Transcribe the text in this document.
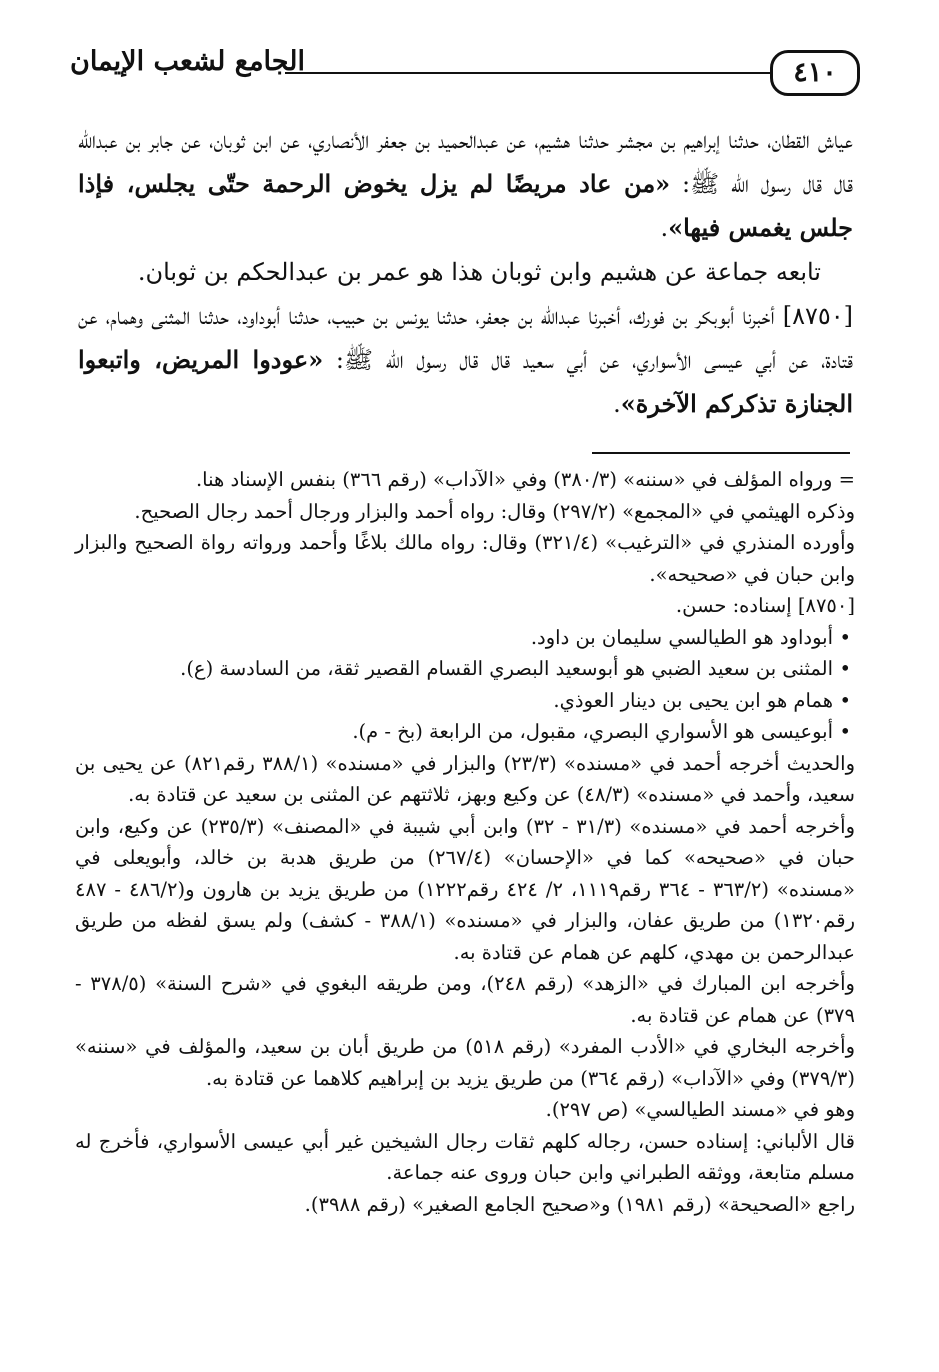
الجامع لشعب الإيمان	٤١٠

عياش القطان، حدثنا إبراهيم بن مجشر حدثنا هشيم، عن عبدالحميد بن جعفر الأنصاري، عن ابن ثوبان، عن جابر بن عبدالله قال قال رسول الله ﷺ: «من عاد مريضًا لم يزل يخوض الرحمة حتّى يجلس، فإذا جلس يغمس فيها».

تابعه جماعة عن هشيم وابن ثوبان هذا هو عمر بن عبدالحكم بن ثوبان.

[٨٧٥٠] أخبرنا أبوبكر بن فورك، أخبرنا عبدالله بن جعفر، حدثنا يونس بن حبيب، حدثنا أبوداود، حدثنا المثنى وهمام، عن قتادة، عن أبي عيسى الأسواري، عن أبي سعيد قال قال رسول الله ﷺ: «عودوا المريض، واتبعوا الجنازة تذكركم الآخرة».

= ورواه المؤلف في «سننه» (٣٨٠/٣) وفي «الآداب» (رقم ٣٦٦) بنفس الإسناد هنا.

وذكره الهيثمي في «المجمع» (٢٩٧/٢) وقال: رواه أحمد والبزار ورجال أحمد رجال الصحيح.

وأورده المنذري في «الترغيب» (٣٢١/٤) وقال: رواه مالك بلاغًا وأحمد ورواته رواة الصحيح والبزار وابن حبان في «صحيحه».

[٨٧٥٠] إسناده: حسن.

• أبوداود هو الطيالسي سليمان بن داود.

• المثنى بن سعيد الضبي هو أبوسعيد البصري القسام القصير ثقة، من السادسة (ع).

• همام هو ابن يحيى بن دينار العوذي.

• أبوعيسى هو الأسواري البصري، مقبول، من الرابعة (بخ - م).

والحديث أخرجه أحمد في «مسنده» (٢٣/٣) والبزار في «مسنده» (٣٨٨/١ رقم٨٢١) عن يحيى بن سعيد، وأحمد في «مسنده» (٤٨/٣) عن وكيع وبهز، ثلاثتهم عن المثنى بن سعيد عن قتادة به.

وأخرجه أحمد في «مسنده» (٣١/٣ - ٣٢) وابن أبي شيبة في «المصنف» (٢٣٥/٣) عن وكيع، وابن حبان في «صحيحه» كما في «الإحسان» (٢٦٧/٤) من طريق هدبة بن خالد، وأبويعلى في «مسنده» (٣٦٣/٢ - ٣٦٤ رقم١١١٩، ٢/ ٤٢٤ رقم١٢٢٢) من طريق يزيد بن هارون و(٤٨٦/٢ - ٤٨٧ رقم١٣٢٠) من طريق عفان، والبزار في «مسنده» (٣٨٨/١ - كشف) ولم يسق لفظه من طريق عبدالرحمن بن مهدي، كلهم عن همام عن قتادة به.

وأخرجه ابن المبارك في «الزهد» (رقم ٢٤٨)، ومن طريقه البغوي في «شرح السنة» (٣٧٨/٥ - ٣٧٩) عن همام عن قتادة به.

وأخرجه البخاري في «الأدب المفرد» (رقم ٥١٨) من طريق أبان بن سعيد، والمؤلف في «سننه» (٣٧٩/٣) وفي «الآداب» (رقم ٣٦٤) من طريق يزيد بن إبراهيم كلاهما عن قتادة به.

وهو في «مسند الطيالسي» (ص ٢٩٧).

قال الألباني: إسناده حسن، رجاله كلهم ثقات رجال الشيخين غير أبي عيسى الأسواري، فأخرج له مسلم متابعة، ووثقه الطبراني وابن حبان وروى عنه جماعة.

راجع «الصحيحة» (رقم ١٩٨١) و«صحيح الجامع الصغير» (رقم ٣٩٨٨).
